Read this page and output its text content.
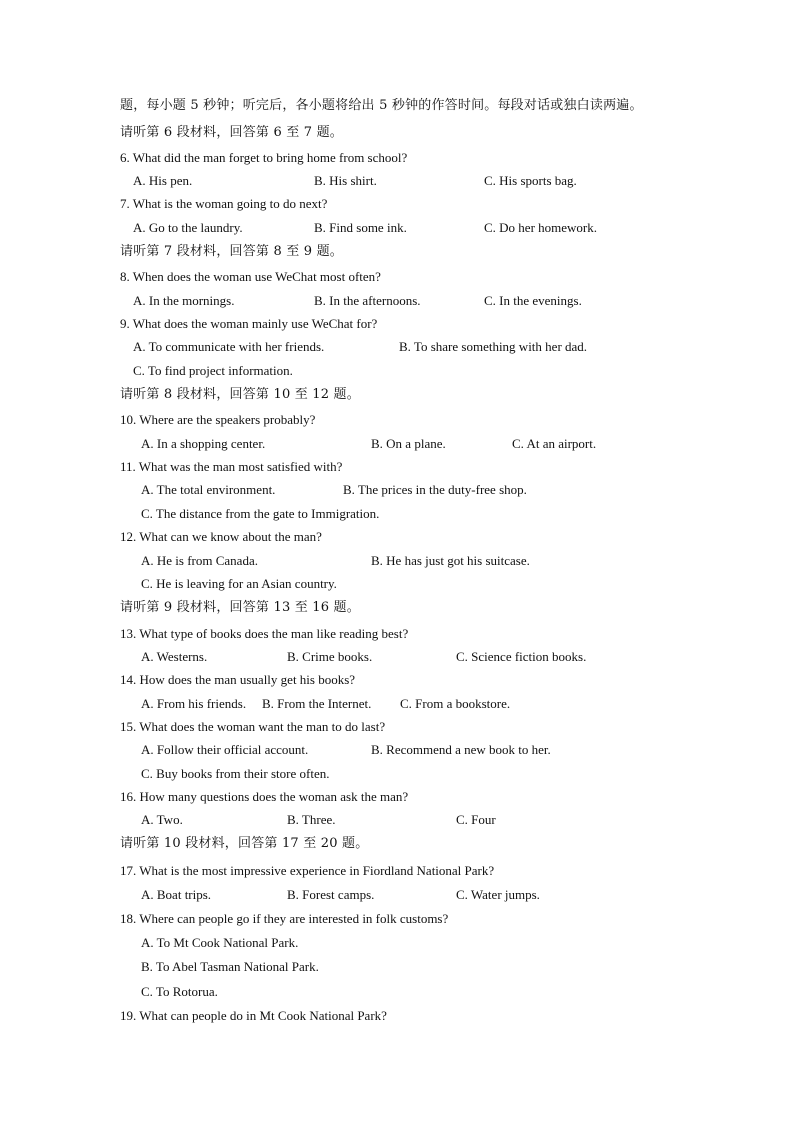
题，每小题 5 秒钟；听完后，各小题将给出 5 秒钟的作答时间。每段对话或独白读两遍。
请听第 6 段材料，回答第 6 至 7 题。
6. What did the man forget to bring home from school?
A. His pen.	B. His shirt.	C. His sports bag.
7. What is the woman going to do next?
A. Go to the laundry.	B. Find some ink.	C. Do her homework.
请听第 7 段材料，回答第 8 至 9 题。
8. When does the woman use WeChat most often?
A. In the mornings.	B. In the afternoons.	C. In the evenings.
9. What does the woman mainly use WeChat for?
A. To communicate with her friends.	B. To share something with her dad.
C. To find project information.
请听第 8 段材料，回答第 10 至 12 题。
10. Where are the speakers probably?
A. In a shopping center.	B. On a plane.	C. At an airport.
11. What was the man most satisfied with?
A. The total environment.	B. The prices in the duty-free shop.
C. The distance from the gate to Immigration.
12. What can we know about the man?
A. He is from Canada.	B. He has just got his suitcase.
C. He is leaving for an Asian country.
请听第 9 段材料，回答第 13 至 16 题。
13. What type of books does the man like reading best?
A. Westerns.	B. Crime books.	C. Science fiction books.
14. How does the man usually get his books?
A. From his friends. B. From the Internet. C. From a bookstore.
15. What does the woman want the man to do last?
A. Follow their official account.	B. Recommend a new book to her.
C. Buy books from their store often.
16. How many questions does the woman ask the man?
A. Two.	B. Three.	C. Four
请听第 10 段材料，回答第 17 至 20 题。
17. What is the most impressive experience in Fiordland National Park?
A. Boat trips.	B. Forest camps.	C. Water jumps.
18. Where can people go if they are interested in folk customs?
A. To Mt Cook National Park.
B. To Abel Tasman National Park.
C. To Rotorua.
19. What can people do in Mt Cook National Park?
